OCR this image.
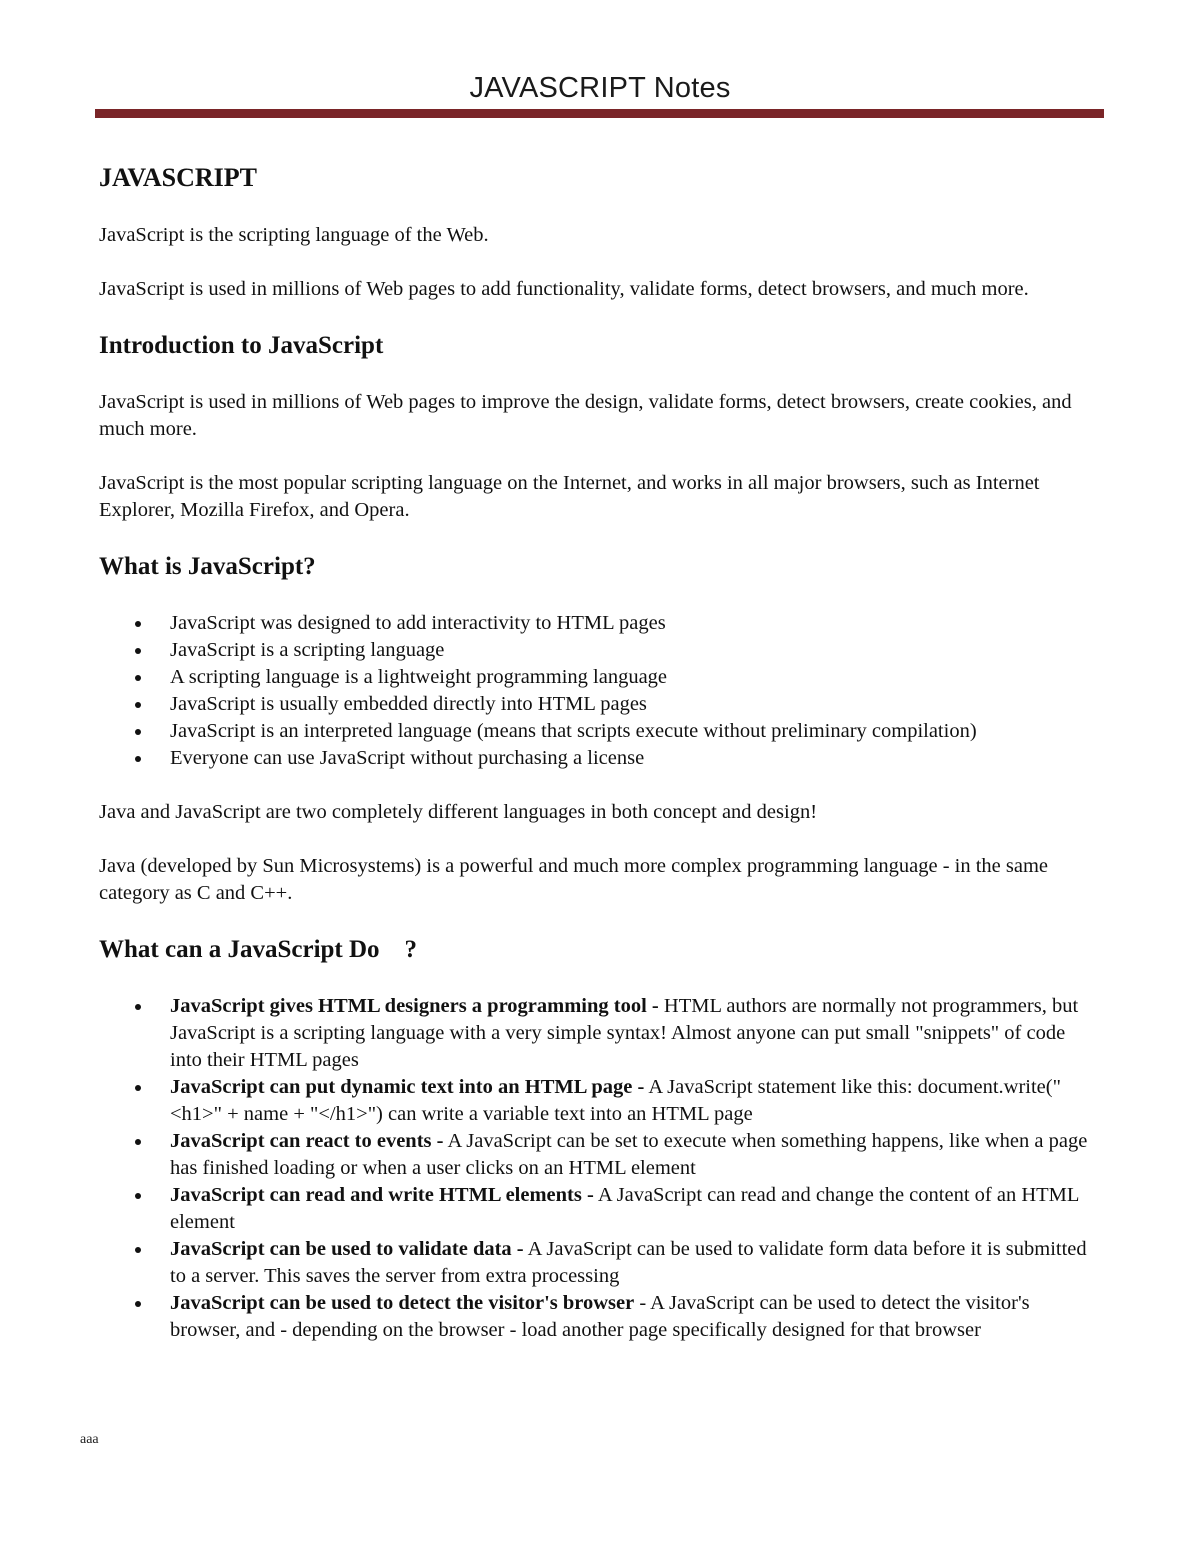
JAVASCRIPT Notes
JAVASCRIPT

JavaScript is the scripting language of the Web.

JavaScript is used in millions of Web pages to add functionality, validate forms, detect browsers, and much more.

Introduction to JavaScript

JavaScript is used in millions of Web pages to improve the design, validate forms, detect browsers, create cookies, and much more.

JavaScript is the most popular scripting language on the Internet, and works in all major browsers, such as Internet Explorer, Mozilla Firefox, and Opera.

What is JavaScript?
JavaScript was designed to add interactivity to HTML pages
JavaScript is a scripting language
A scripting language is a lightweight programming language
JavaScript is usually embedded directly into HTML pages
JavaScript is an interpreted language (means that scripts execute without preliminary compilation)
Everyone can use JavaScript without purchasing a license

Java and JavaScript are two completely different languages in both concept and design!

Java (developed by Sun Microsystems) is a powerful and much more complex programming language - in the same category as C and C++.

What can a JavaScript Do    ?
JavaScript gives HTML designers a programming tool - HTML authors are normally not programmers, but JavaScript is a scripting language with a very simple syntax! Almost anyone can put small "snippets" of code into their HTML pages
JavaScript can put dynamic text into an HTML page - A JavaScript statement like this: document.write("<h1>" + name + "</h1>") can write a variable text into an HTML page
JavaScript can react to events - A JavaScript can be set to execute when something happens, like when a page has finished loading or when a user clicks on an HTML element
JavaScript can read and write HTML elements - A JavaScript can read and change the content of an HTML element
JavaScript can be used to validate data - A JavaScript can be used to validate form data before it is submitted to a server. This saves the server from extra processing
JavaScript can be used to detect the visitor's browser - A JavaScript can be used to detect the visitor's browser, and - depending on the browser - load another page specifically designed for that browser
aaa
